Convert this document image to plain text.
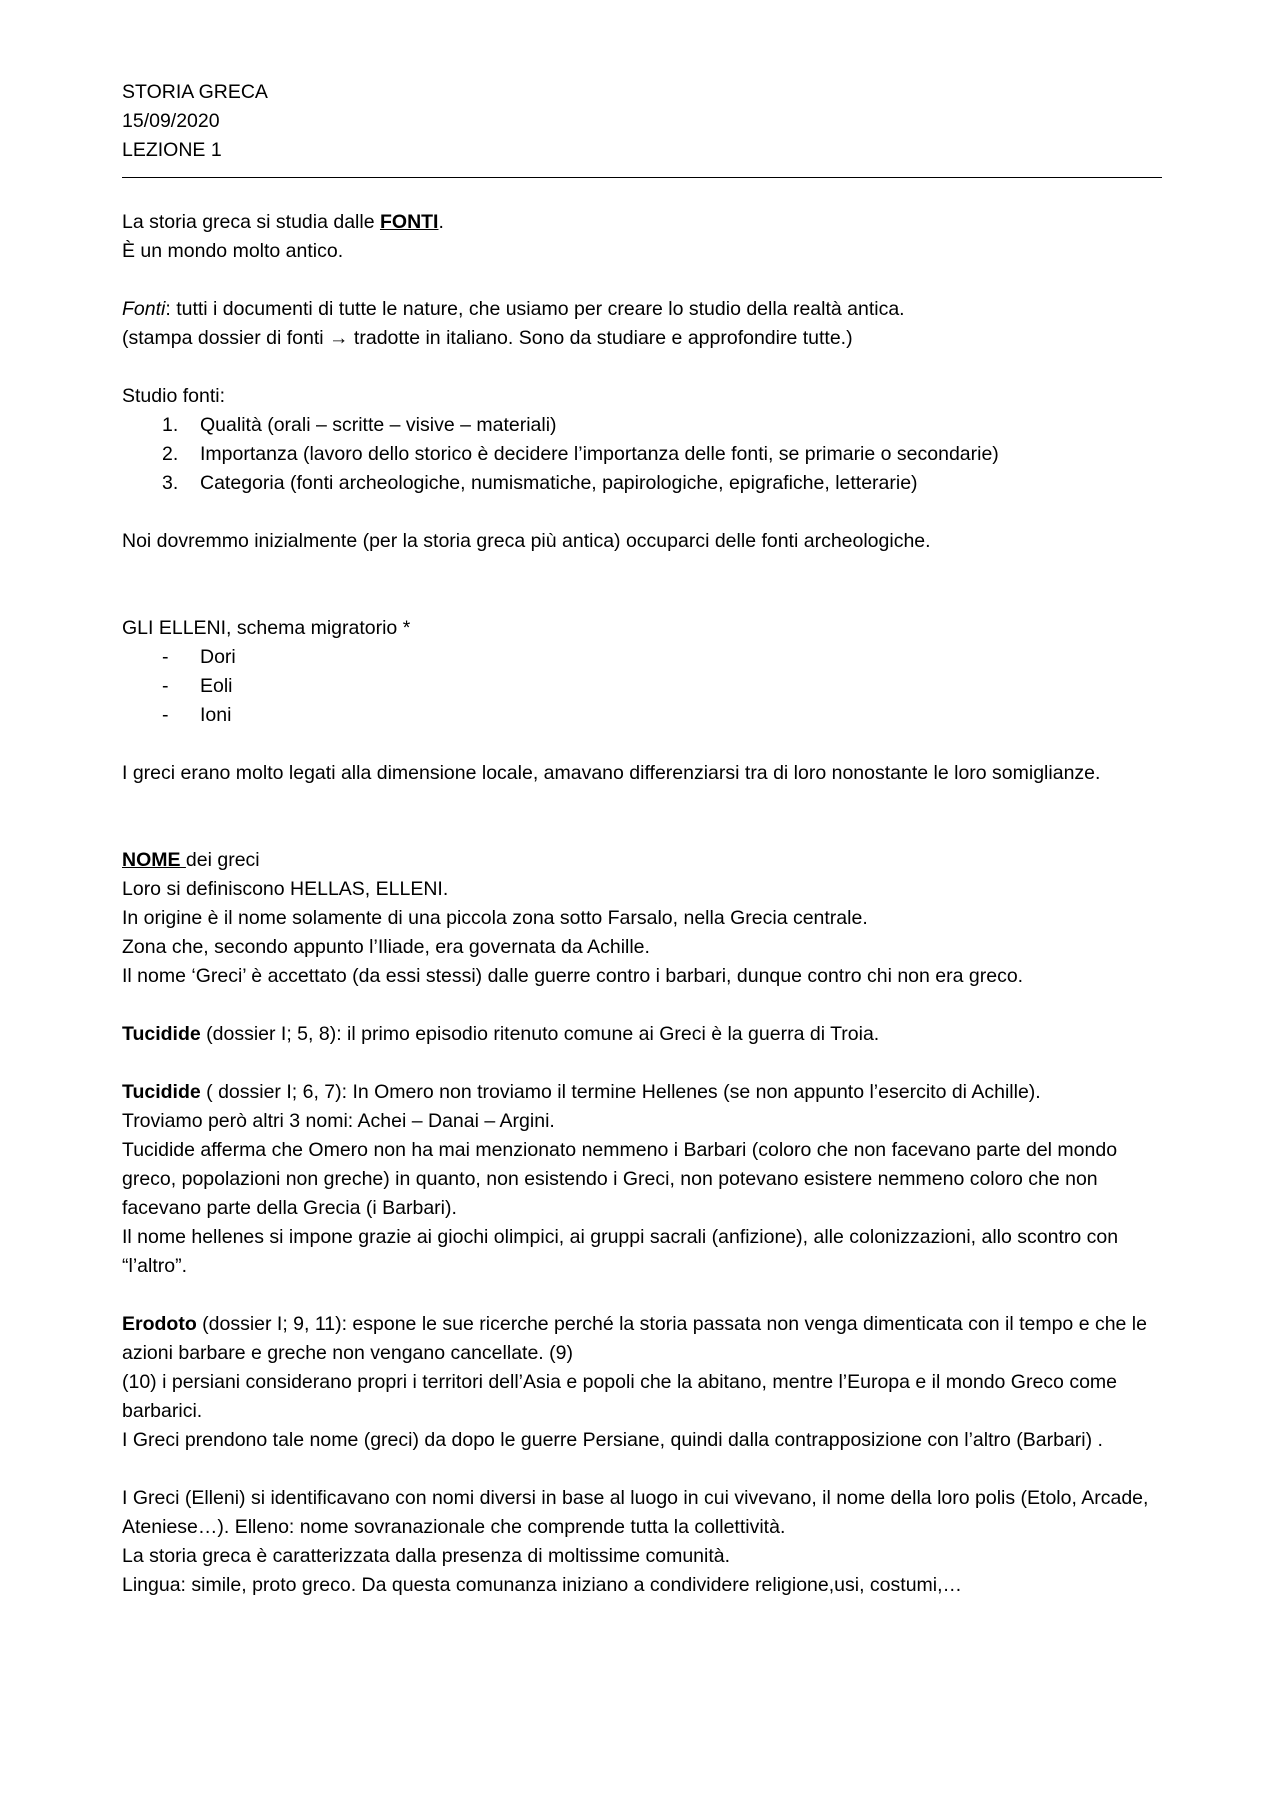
STORIA GRECA

15/09/2020

LEZIONE 1

La storia greca si studia dalle FONTI.

È un mondo molto antico.

Fonti: tutti i documenti di tutte le nature, che usiamo per creare lo studio della realtà antica.

(stampa dossier di fonti → tradotte in italiano. Sono da studiare e approfondire tutte.)

Studio fonti:

1.	Qualità (orali – scritte – visive – materiali)
2.	Importanza (lavoro dello storico è decidere l’importanza delle fonti, se primarie o secondarie)
3.	Categoria (fonti archeologiche, numismatiche, papirologiche, epigrafiche, letterarie)

Noi dovremmo inizialmente (per la storia greca più antica) occuparci delle fonti archeologiche.

GLI ELLENI, schema migratorio *

-	Dori
-	Eoli
-	Ioni

I greci erano molto legati alla dimensione locale, amavano differenziarsi tra di loro nonostante le loro somiglianze.

NOME dei greci

Loro si definiscono HELLAS, ELLENI.

In origine è il nome solamente di una piccola zona sotto Farsalo, nella Grecia centrale.

Zona che, secondo appunto l’Iliade, era governata da Achille.

Il nome ‘Greci’ è accettato (da essi stessi) dalle guerre contro i barbari, dunque contro chi non era greco.

Tucidide (dossier I; 5, 8): il primo episodio ritenuto comune ai Greci è la guerra di Troia.

Tucidide ( dossier I; 6, 7): In Omero non troviamo il termine Hellenes (se non appunto l’esercito di Achille).

Troviamo però altri 3 nomi: Achei – Danai – Argini.

Tucidide afferma che Omero non ha mai menzionato nemmeno i Barbari (coloro che non facevano parte del mondo greco, popolazioni non greche) in quanto, non esistendo i Greci, non potevano esistere nemmeno coloro che non facevano parte della Grecia (i Barbari).

Il nome hellenes si impone grazie ai giochi olimpici, ai gruppi sacrali (anfizione), alle colonizzazioni, allo scontro con “l’altro”.

Erodoto (dossier I; 9, 11): espone le sue ricerche perché la storia passata non venga dimenticata con il tempo e che le azioni barbare e greche non vengano cancellate. (9)

(10) i persiani considerano propri i territori dell’Asia e popoli che la abitano, mentre l’Europa e il mondo Greco come barbarici.

I Greci prendono tale nome (greci) da dopo le guerre Persiane, quindi dalla contrapposizione con l’altro (Barbari) .

I Greci (Elleni) si identificavano con nomi diversi in base al luogo in cui vivevano, il nome della loro polis (Etolo, Arcade, Ateniese…). Elleno: nome sovranazionale che comprende tutta la collettività.

La storia greca è caratterizzata dalla presenza di moltissime comunità.

Lingua: simile, proto greco. Da questa comunanza iniziano a condividere religione,usi, costumi,…
